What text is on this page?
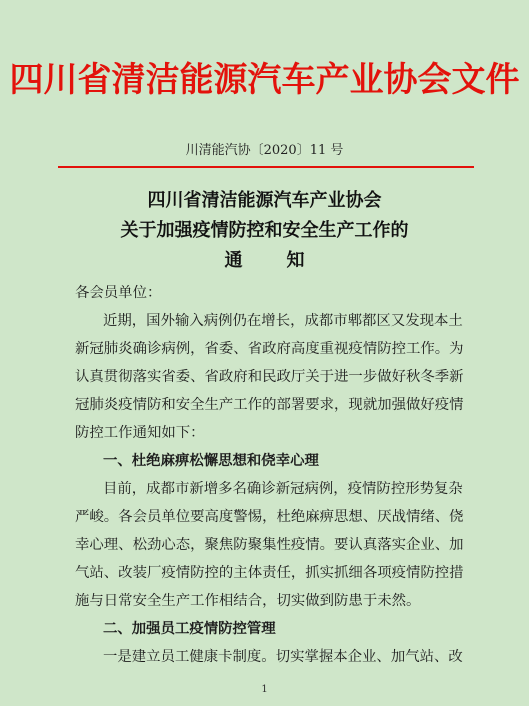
四川省清洁能源汽车产业协会文件
川清能汽协〔2020〕11 号
四川省清洁能源汽车产业协会
关于加强疫情防控和安全生产工作的
通 知
各会员单位：
近期，国外输入病例仍在增长，成都市郫都区又发现本土
新冠肺炎确诊病例，省委、省政府高度重视疫情防控工作。为
认真贯彻落实省委、省政府和民政厅关于进一步做好秋冬季新
冠肺炎疫情防和安全生产工作的部署要求，现就加强做好疫情
防控工作通知如下：
一、杜绝麻痹松懈思想和侥幸心理
目前，成都市新增多名确诊新冠病例，疫情防控形势复杂
严峻。各会员单位要高度警惕，杜绝麻痹思想、厌战情绪、侥
幸心理、松劲心态，聚焦防聚集性疫情。要认真落实企业、加
气站、改装厂疫情防控的主体责任，抓实抓细各项疫情防控措
施与日常安全生产工作相结合，切实做到防患于未然。
二、加强员工疫情防控管理
一是建立员工健康卡制度。切实掌握本企业、加气站、改
1
